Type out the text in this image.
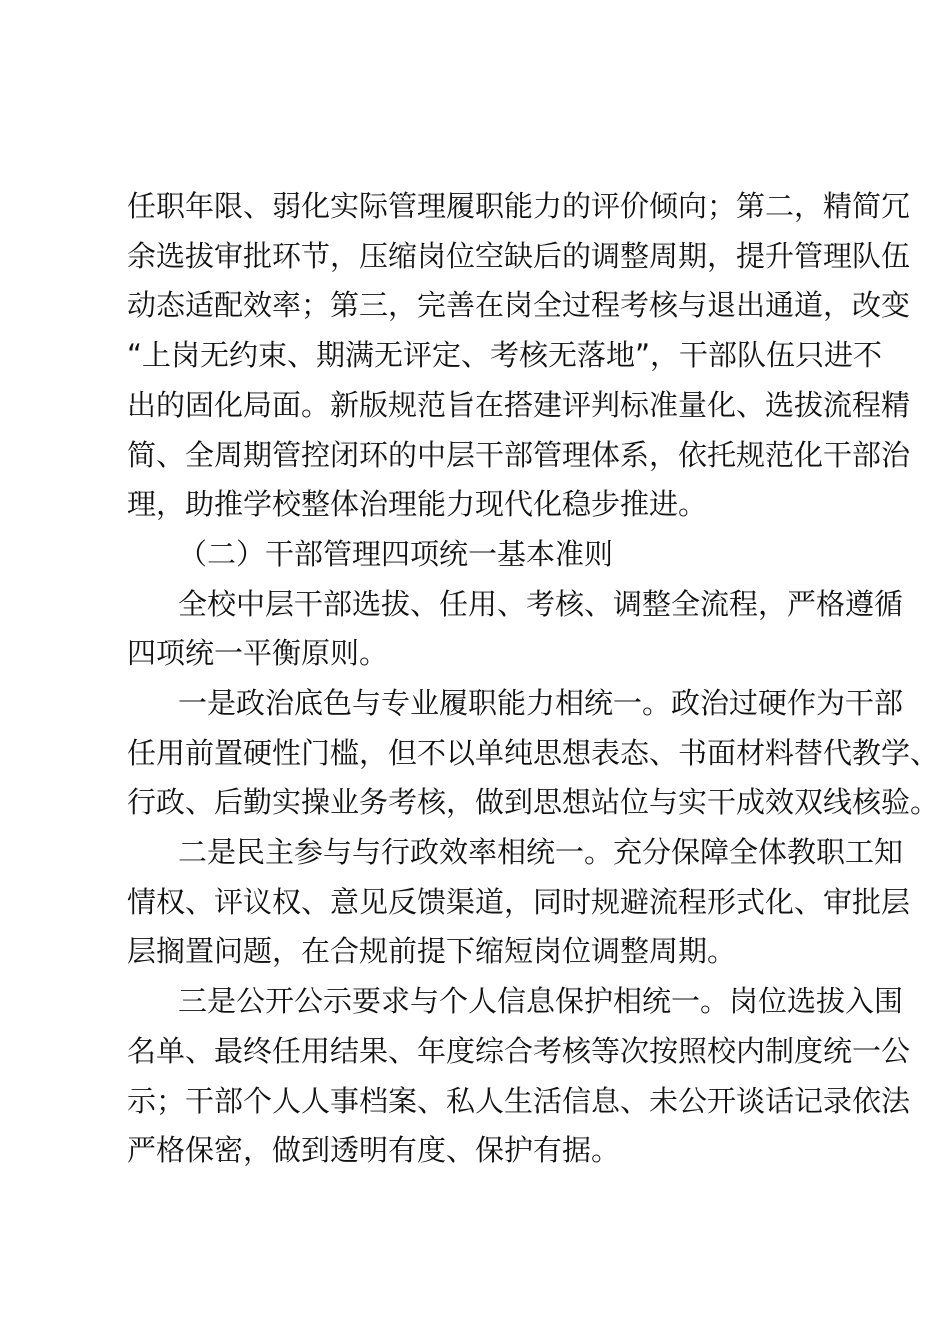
任职年限、弱化实际管理履职能力的评价倾向；第二，精简冗
余选拔审批环节，压缩岗位空缺后的调整周期，提升管理队伍
动态适配效率；第三，完善在岗全过程考核与退出通道，改变
“上岗无约束、期满无评定、考核无落地”，干部队伍只进不
出的固化局面。新版规范旨在搭建评判标准量化、选拔流程精
简、全周期管控闭环的中层干部管理体系，依托规范化干部治
理，助推学校整体治理能力现代化稳步推进。
（二）干部管理四项统一基本准则
全校中层干部选拔、任用、考核、调整全流程，严格遵循
四项统一平衡原则。
一是政治底色与专业履职能力相统一。政治过硬作为干部
任用前置硬性门槛，但不以单纯思想表态、书面材料替代教学、
行政、后勤实操业务考核，做到思想站位与实干成效双线核验。
二是民主参与与行政效率相统一。充分保障全体教职工知
情权、评议权、意见反馈渠道，同时规避流程形式化、审批层
层搁置问题，在合规前提下缩短岗位调整周期。
三是公开公示要求与个人信息保护相统一。岗位选拔入围
名单、最终任用结果、年度综合考核等次按照校内制度统一公
示；干部个人人事档案、私人生活信息、未公开谈话记录依法
严格保密，做到透明有度、保护有据。
